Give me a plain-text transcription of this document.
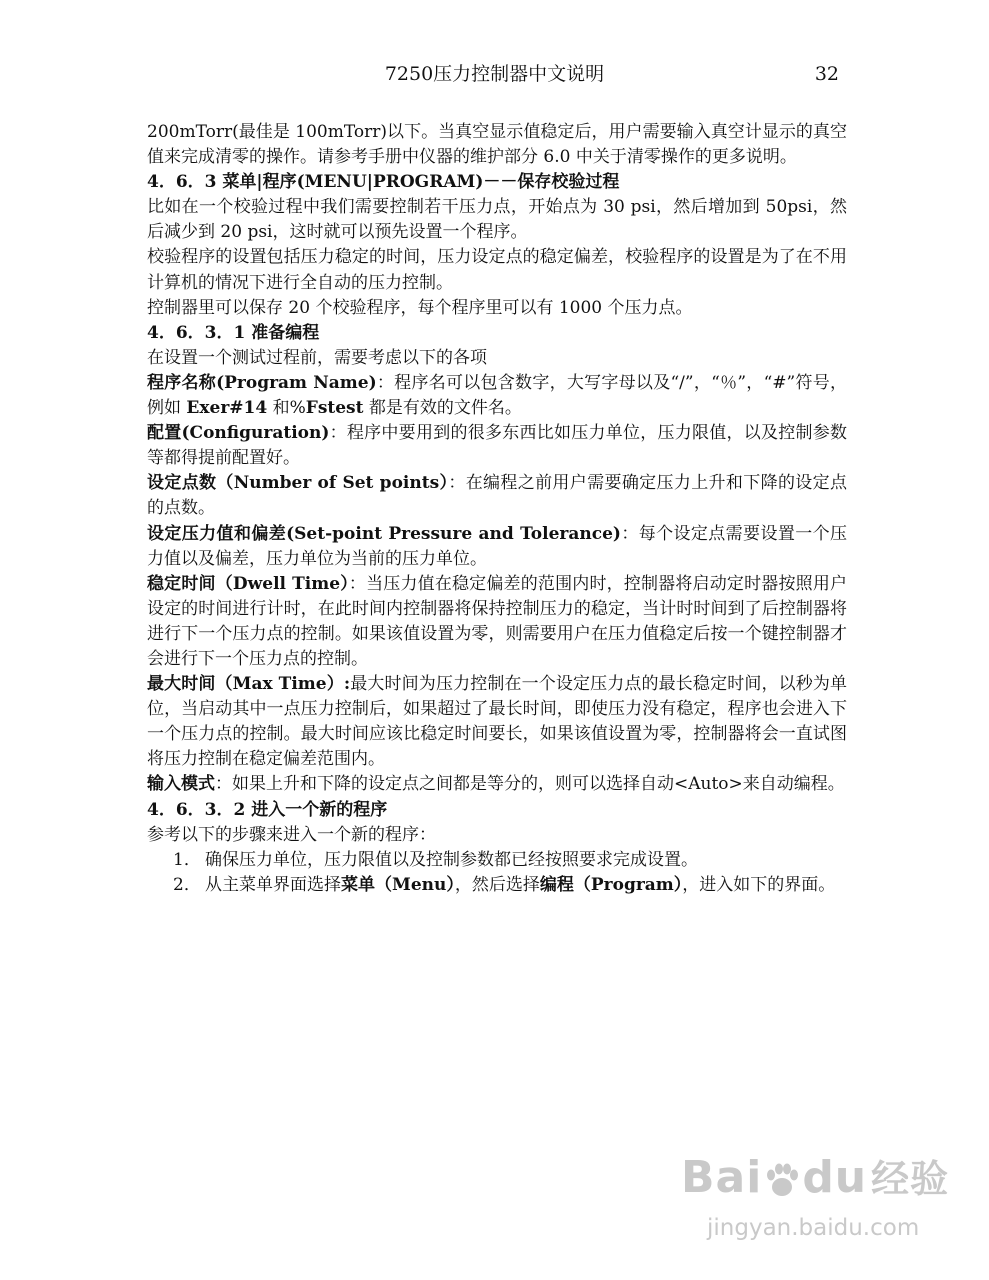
7250压力控制器中文说明	32

200mTorr(最佳是 100mTorr)以下。当真空显示值稳定后，用户需要输入真空计显示的真空值来完成清零的操作。请参考手册中仪器的维护部分 6.0 中关于清零操作的更多说明。

4．6．3 菜单|程序(MENU|PROGRAM)－－保存校验过程

比如在一个校验过程中我们需要控制若干压力点，开始点为 30 psi，然后增加到 50psi，然后减少到 20 psi，这时就可以预先设置一个程序。

校验程序的设置包括压力稳定的时间，压力设定点的稳定偏差，校验程序的设置是为了在不用计算机的情况下进行全自动的压力控制。

控制器里可以保存 20 个校验程序，每个程序里可以有 1000 个压力点。

4．6．3．1 准备编程

在设置一个测试过程前，需要考虑以下的各项

程序名称(Program Name)：程序名可以包含数字，大写字母以及“/”，“％”，“#”符号，例如 Exer#14 和%Fstest 都是有效的文件名。

配置(Configuration)：程序中要用到的很多东西比如压力单位，压力限值，以及控制参数等都得提前配置好。

设定点数（Number of Set points）：在编程之前用户需要确定压力上升和下降的设定点的点数。

设定压力值和偏差(Set-point Pressure and Tolerance)：每个设定点需要设置一个压力值以及偏差，压力单位为当前的压力单位。

稳定时间（Dwell Time）：当压力值在稳定偏差的范围内时，控制器将启动定时器按照用户设定的时间进行计时，在此时间内控制器将保持控制压力的稳定，当计时时间到了后控制器将进行下一个压力点的控制。如果该值设置为零，则需要用户在压力值稳定后按一个键控制器才会进行下一个压力点的控制。

最大时间（Max Time）:最大时间为压力控制在一个设定压力点的最长稳定时间，以秒为单位，当启动其中一点压力控制后，如果超过了最长时间，即使压力没有稳定，程序也会进入下一个压力点的控制。最大时间应该比稳定时间要长，如果该值设置为零，控制器将会一直试图将压力控制在稳定偏差范围内。

输入模式：如果上升和下降的设定点之间都是等分的，则可以选择自动<Auto>来自动编程。

4．6．3．2 进入一个新的程序

参考以下的步骤来进入一个新的程序：

1． 确保压力单位，压力限值以及控制参数都已经按照要求完成设置。
2． 从主菜单界面选择菜单（Menu），然后选择编程（Program），进入如下的界面。
Bai du 经验
jingyan.baidu.com
